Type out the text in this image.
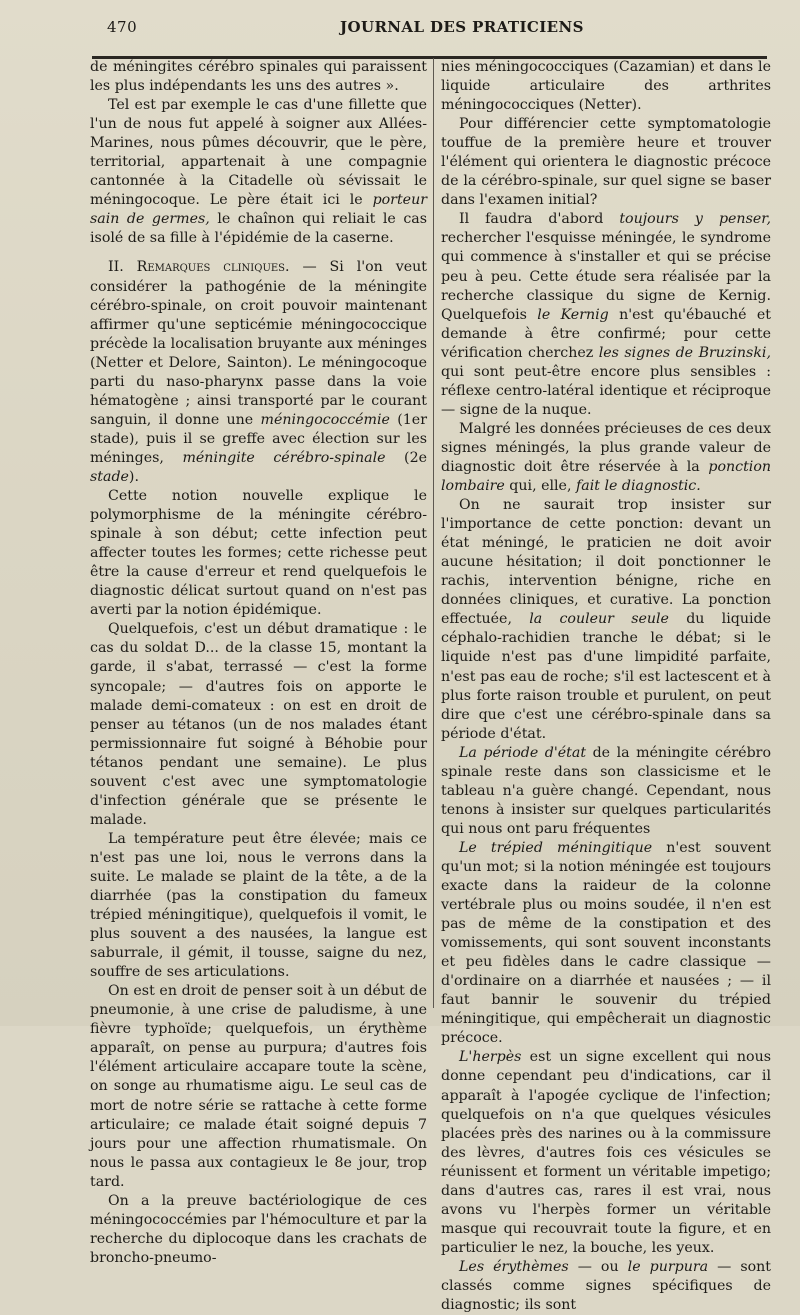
470	JOURNAL DES PRATICIENS

de méningites cérébro spinales qui paraissent les plus indépendants les uns des autres ».

Tel est par exemple le cas d'une fillette que l'un de nous fut appelé à soigner aux Allées-Marines, nous pûmes découvrir, que le père, territorial, appartenait à une compagnie cantonnée à la Citadelle où sévissait le méningocoque. Le père était ici le porteur sain de germes, le chaînon qui reliait le cas isolé de sa fille à l'épidémie de la caserne.

II. Remarques cliniques. — Si l'on veut considérer la pathogénie de la méningite cérébro-spinale, on croit pouvoir maintenant affirmer qu'une septicémie méningococcique précède la localisation bruyante aux méninges (Netter et Delore, Sainton). Le méningocoque parti du naso-pharynx passe dans la voie hématogène ; ainsi transporté par le courant sanguin, il donne une méningococcémie (1er stade), puis il se greffe avec élection sur les méninges, méningite cérébro-spinale (2e stade).

Cette notion nouvelle explique le polymorphisme de la méningite cérébro-spinale à son début; cette infection peut affecter toutes les formes; cette richesse peut être la cause d'erreur et rend quelquefois le diagnostic délicat surtout quand on n'est pas averti par la notion épidémique.

Quelquefois, c'est un début dramatique : le cas du soldat D... de la classe 15, montant la garde, il s'abat, terrassé — c'est la forme syncopale; — d'autres fois on apporte le malade demi-comateux : on est en droit de penser au tétanos (un de nos malades étant permissionnaire fut soigné à Béhobie pour tétanos pendant une semaine). Le plus souvent c'est avec une symptomatologie d'infection générale que se présente le malade.

La température peut être élevée; mais ce n'est pas une loi, nous le verrons dans la suite. Le malade se plaint de la tête, a de la diarrhée (pas la constipation du fameux trépied méningitique), quelquefois il vomit, le plus souvent a des nausées, la langue est saburrale, il gémit, il tousse, saigne du nez, souffre de ses articulations.

On est en droit de penser soit à un début de pneumonie, à une crise de paludisme, à une fièvre typhoïde; quelquefois, un érythème apparaît, on pense au purpura; d'autres fois l'élément articulaire accapare toute la scène, on songe au rhumatisme aigu. Le seul cas de mort de notre série se rattache à cette forme articulaire; ce malade était soigné depuis 7 jours pour une affection rhumatismale. On nous le passa aux contagieux le 8e jour, trop tard.

On a la preuve bactériologique de ces méningococcémies par l'hémoculture et par la recherche du diplocoque dans les crachats de broncho-pneumo-

nies méningococciques (Cazamian) et dans le liquide articulaire des arthrites méningococciques (Netter).

Pour différencier cette symptomatologie touffue de la première heure et trouver l'élément qui orientera le diagnostic précoce de la cérébro-spinale, sur quel signe se baser dans l'examen initial?

Il faudra d'abord toujours y penser, rechercher l'esquisse méningée, le syndrome qui commence à s'installer et qui se précise peu à peu. Cette étude sera réalisée par la recherche classique du signe de Kernig. Quelquefois le Kernig n'est qu'ébauché et demande à être confirmé; pour cette vérification cherchez les signes de Bruzinski, qui sont peut-être encore plus sensibles : réflexe centro-latéral identique et réciproque — signe de la nuque.

Malgré les données précieuses de ces deux signes méningés, la plus grande valeur de diagnostic doit être réservée à la ponction lombaire qui, elle, fait le diagnostic.

On ne saurait trop insister sur l'importance de cette ponction: devant un état méningé, le praticien ne doit avoir aucune hésitation; il doit ponctionner le rachis, intervention bénigne, riche en données cliniques, et curative. La ponction effectuée, la couleur seule du liquide céphalo-rachidien tranche le débat; si le liquide n'est pas d'une limpidité parfaite, n'est pas eau de roche; s'il est lactescent et à plus forte raison trouble et purulent, on peut dire que c'est une cérébro-spinale dans sa période d'état.

La période d'état de la méningite cérébro spinale reste dans son classicisme et le tableau n'a guère changé. Cependant, nous tenons à insister sur quelques particularités qui nous ont paru fréquentes

Le trépied méningitique n'est souvent qu'un mot; si la notion méningée est toujours exacte dans la raideur de la colonne vertébrale plus ou moins soudée, il n'en est pas de même de la constipation et des vomissements, qui sont souvent inconstants et peu fidèles dans le cadre classique — d'ordinaire on a diarrhée et nausées ; — il faut bannir le souvenir du trépied méningitique, qui empêcherait un diagnostic précoce.

L'herpès est un signe excellent qui nous donne cependant peu d'indications, car il apparaît à l'apogée cyclique de l'infection; quelquefois on n'a que quelques vésicules placées près des narines ou à la commissure des lèvres, d'autres fois ces vésicules se réunissent et forment un véritable impetigo; dans d'autres cas, rares il est vrai, nous avons vu l'herpès former un véritable masque qui recouvrait toute la figure, et en particulier le nez, la bouche, les yeux.

Les érythèmes — ou le purpura — sont classés comme signes spécifiques de diagnostic; ils sont
